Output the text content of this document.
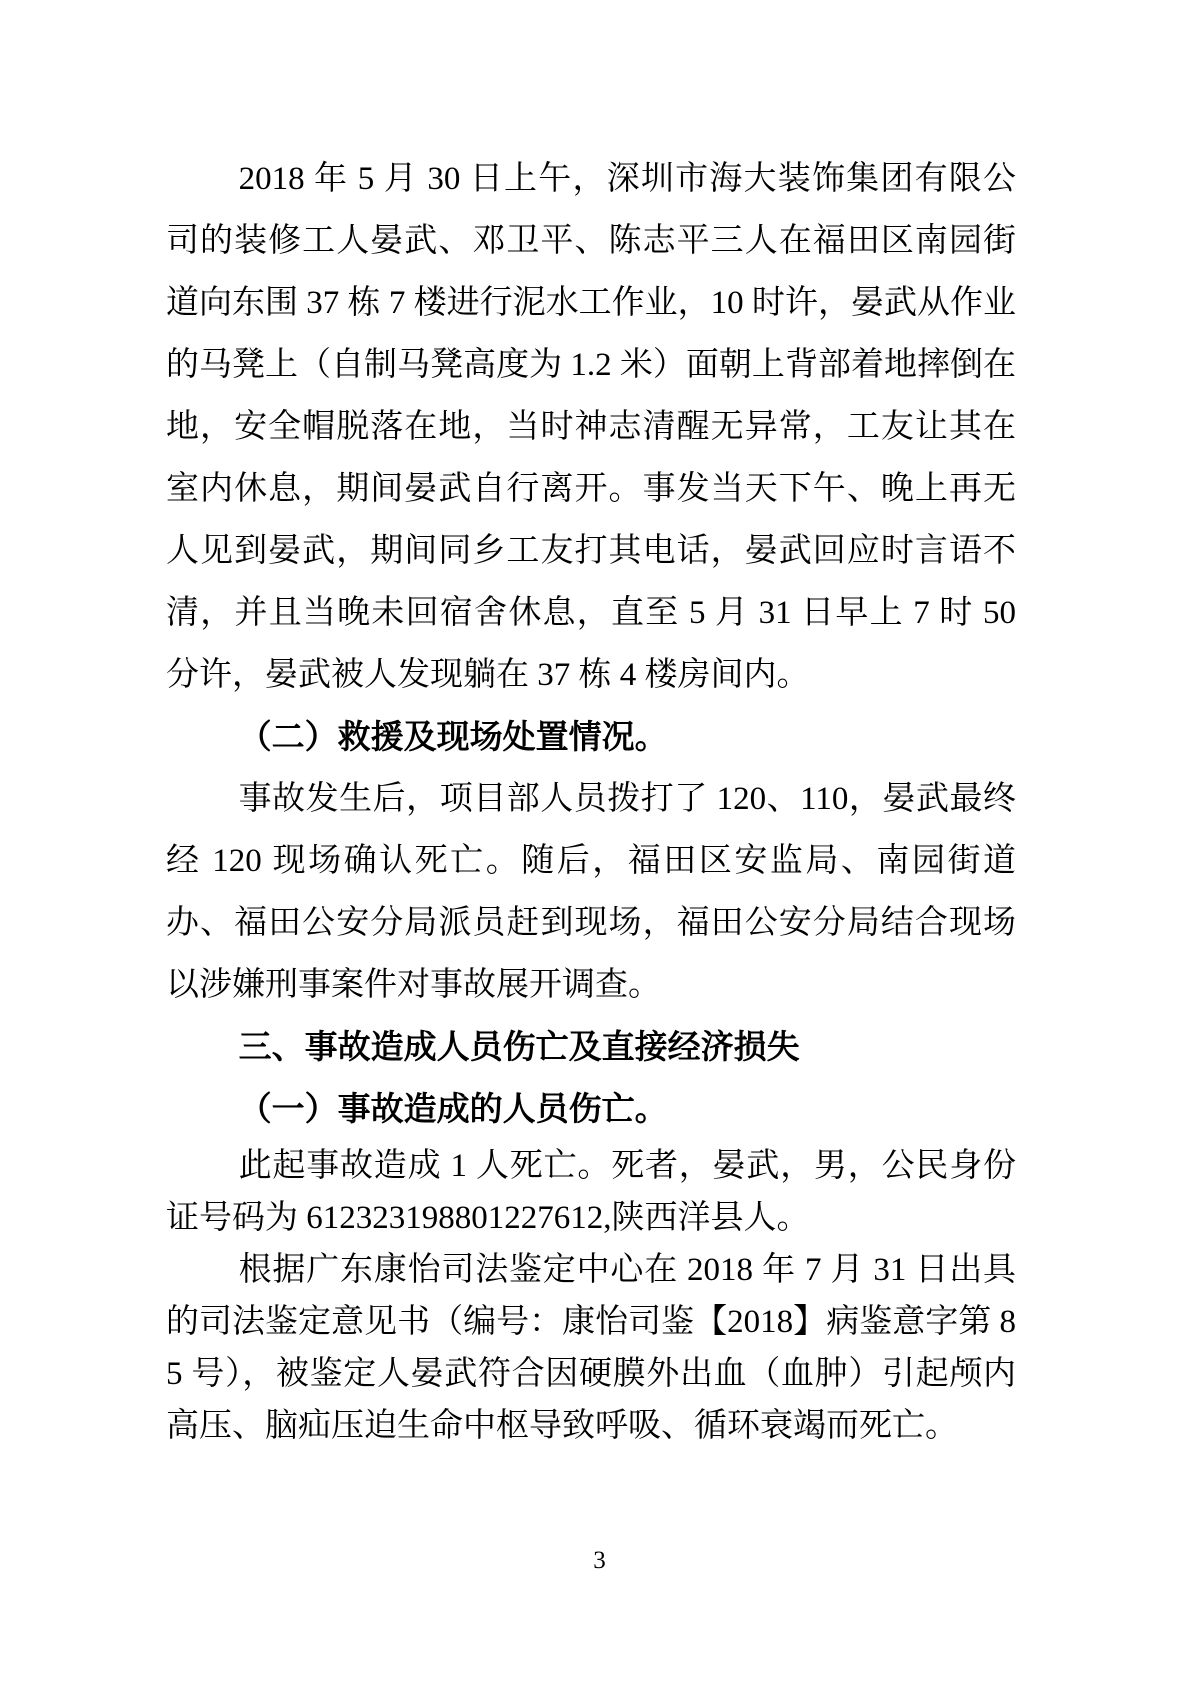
2018 年 5 月 30 日上午，深圳市海大装饰集团有限公司的装修工人晏武、邓卫平、陈志平三人在福田区南园街道向东围 37 栋 7 楼进行泥水工作业，10 时许，晏武从作业的马凳上（自制马凳高度为 1.2 米）面朝上背部着地摔倒在地，安全帽脱落在地，当时神志清醒无异常，工友让其在室内休息，期间晏武自行离开。事发当天下午、晚上再无人见到晏武，期间同乡工友打其电话，晏武回应时言语不清，并且当晚未回宿舍休息，直至 5 月 31 日早上 7 时 50 分许，晏武被人发现躺在 37 栋 4 楼房间内。

（二）救援及现场处置情况。

事故发生后，项目部人员拨打了 120、110，晏武最终经 120 现场确认死亡。随后，福田区安监局、南园街道办、福田公安分局派员赶到现场，福田公安分局结合现场以涉嫌刑事案件对事故展开调查。

三、事故造成人员伤亡及直接经济损失

（一）事故造成的人员伤亡。

此起事故造成 1 人死亡。死者，晏武，男，公民身份证号码为 612323198801227612,陕西洋县人。

根据广东康怡司法鉴定中心在 2018 年 7 月 31 日出具的司法鉴定意见书（编号：康怡司鉴【2018】病鉴意字第 85 号），被鉴定人晏武符合因硬膜外出血（血肿）引起颅内高压、脑疝压迫生命中枢导致呼吸、循环衰竭而死亡。

3
